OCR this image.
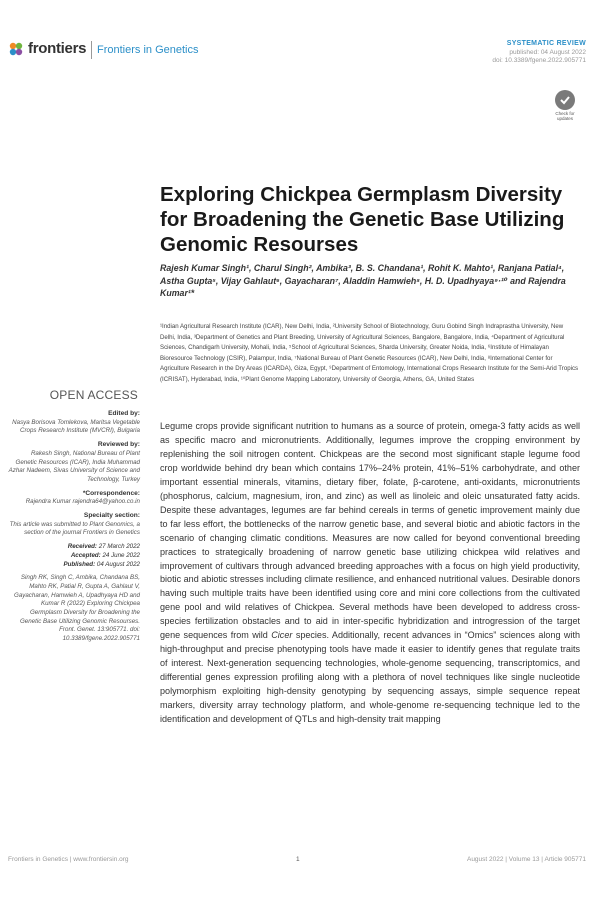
frontiers Frontiers in Genetics
SYSTEMATIC REVIEW
published: 04 August 2022
doi: 10.3389/fgene.2022.905771
Check for
updates
Exploring Chickpea Germplasm Diversity for Broadening the Genetic Base Utilizing Genomic Resourses
Rajesh Kumar Singh¹, Charul Singh², Ambika³, B. S. Chandana¹, Rohit K. Mahto¹, Ranjana Patial⁴, Astha Gupta⁵, Vijay Gahlaut⁶, Gayacharan⁷, Aladdin Hamwieh⁸, H. D. Upadhyaya⁹·¹⁰ and Rajendra Kumar¹*
¹Indian Agricultural Research Institute (ICAR), New Delhi, India, ²University School of Biotechnology, Guru Gobind Singh Indraprastha University, New Delhi, India, ³Department of Genetics and Plant Breeding, University of Agricultural Sciences, Bangalore, Bangalore, India, ⁴Department of Agricultural Sciences, Chandigarh University, Mohali, India, ⁵School of Agricultural Sciences, Sharda University, Greater Noida, India, ⁶Institute of Himalayan Bioresource Technology (CSIR), Palampur, India, ⁷National Bureau of Plant Genetic Resources (ICAR), New Delhi, India, ⁸International Center for Agriculture Research in the Dry Areas (ICARDA), Giza, Egypt, ⁹Department of Entomology, International Crops Research Institute for the Semi-Arid Tropics (ICRISAT), Hyderabad, India, ¹⁰Plant Genome Mapping Laboratory, University of Georgia, Athens, GA, United States
OPEN ACCESS
Edited by:
Nasya Borisova Tomlekova, Maritsa Vegetable Crops Research Institute (MVCRI), Bulgaria
Reviewed by:
Rakesh Singh, National Bureau of Plant Genetic Resources (ICAR), India Muhammad Azhar Nadeem, Sivas University of Science and Technology, Turkey
*Correspondence:
Rajendra Kumar rajendra64@yahoo.co.in
Specialty section:
This article was submitted to Plant Genomics, a section of the journal Frontiers in Genetics
Received: 27 March 2022
Accepted: 24 June 2022
Published: 04 August 2022
Singh RK, Singh C, Ambika, Chandana BS, Mahto RK, Patial R, Gupta A, Gahlaut V, Gayacharan, Hamwieh A, Upadhyaya HD and Kumar R (2022) Exploring Chickpea Germplasm Diversity for Broadening the Genetic Base Utilizing Genomic Resourses. Front. Genet. 13:905771. doi: 10.3389/fgene.2022.905771

Legume crops provide significant nutrition to humans as a source of protein, omega-3 fatty acids as well as specific macro and micronutrients. Additionally, legumes improve the cropping environment by replenishing the soil nitrogen content. Chickpeas are the second most significant staple legume food crop worldwide behind dry bean which contains 17%–24% protein, 41%–51% carbohydrate, and other important essential minerals, vitamins, dietary fiber, folate, β-carotene, anti-oxidants, micronutrients (phosphorus, calcium, magnesium, iron, and zinc) as well as linoleic and oleic unsaturated fatty acids. Despite these advantages, legumes are far behind cereals in terms of genetic improvement mainly due to far less effort, the bottlenecks of the narrow genetic base, and several biotic and abiotic factors in the scenario of changing climatic conditions. Measures are now called for beyond conventional breeding practices to strategically broadening of narrow genetic base utilizing chickpea wild relatives and improvement of cultivars through advanced breeding approaches with a focus on high yield productivity, biotic and abiotic stresses including climate resilience, and enhanced nutritional values. Desirable donors having such multiple traits have been identified using core and mini core collections from the cultivated gene pool and wild relatives of Chickpea. Several methods have been developed to address cross-species fertilization obstacles and to aid in inter-specific hybridization and introgression of the target gene sequences from wild Cicer species. Additionally, recent advances in “Omics” sciences along with high-throughput and precise phenotyping tools have made it easier to identify genes that regulate traits of interest. Next-generation sequencing technologies, whole-genome sequencing, transcriptomics, and differential genes expression profiling along with a plethora of novel techniques like single nucleotide polymorphism exploiting high-density genotyping by sequencing assays, simple sequence repeat markers, diversity array technology platform, and whole-genome re-sequencing technique led to the identification and development of QTLs and high-density trait mapping

Frontiers in Genetics | www.frontiersin.org	1	August 2022 | Volume 13 | Article 905771
